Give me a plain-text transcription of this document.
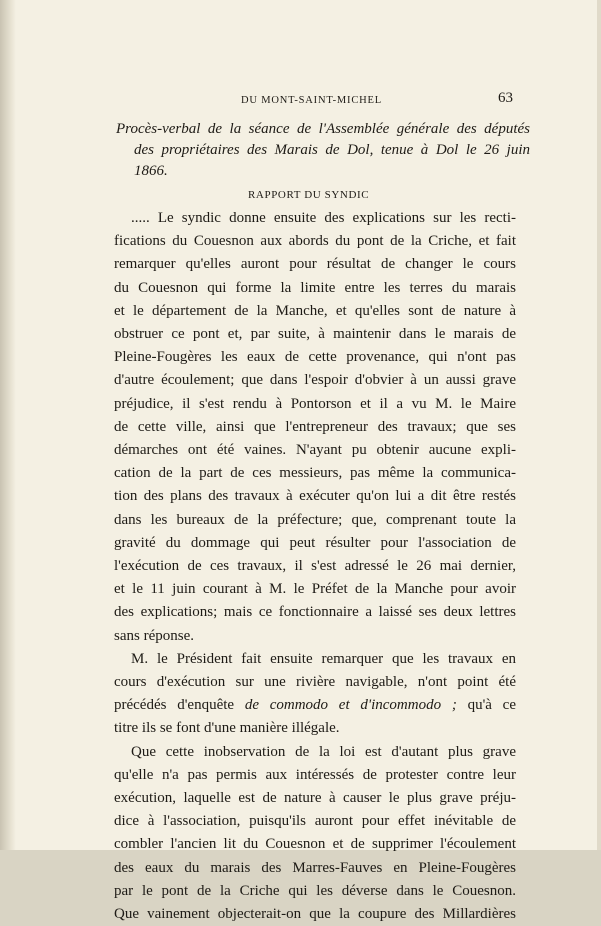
DU MONT-SAINT-MICHEL	63
Procès-verbal de la séance de l'Assemblée générale des députés
des propriétaires des Marais de Dol, tenue à Dol le 26 juin
1866.
RAPPORT DU SYNDIC
..... Le syndic donne ensuite des explications sur les recti-
fications du Couesnon aux abords du pont de la Criche, et fait
remarquer qu'elles auront pour résultat de changer le cours
du Couesnon qui forme la limite entre les terres du marais
et le département de la Manche, et qu'elles sont de nature à
obstruer ce pont et, par suite, à maintenir dans le marais de
Pleine-Fougères les eaux de cette provenance, qui n'ont pas
d'autre écoulement; que dans l'espoir d'obvier à un aussi grave
préjudice, il s'est rendu à Pontorson et il a vu M. le Maire
de cette ville, ainsi que l'entrepreneur des travaux; que ses
démarches ont été vaines. N'ayant pu obtenir aucune expli-
cation de la part de ces messieurs, pas même la communica-
tion des plans des travaux à exécuter qu'on lui a dit être restés
dans les bureaux de la préfecture; que, comprenant toute la
gravité du dommage qui peut résulter pour l'association de
l'exécution de ces travaux, il s'est adressé le 26 mai dernier,
et le 11 juin courant à M. le Préfet de la Manche pour avoir
des explications; mais ce fonctionnaire a laissé ses deux lettres
sans réponse.
M. le Président fait ensuite remarquer que les travaux en
cours d'exécution sur une rivière navigable, n'ont point été
précédés d'enquête de commodo et d'incommodo ; qu'à ce
titre ils se font d'une manière illégale.
Que cette inobservation de la loi est d'autant plus grave
qu'elle n'a pas permis aux intéressés de protester contre leur
exécution, laquelle est de nature à causer le plus grave préju-
dice à l'association, puisqu'ils auront pour effet inévitable de
combler l'ancien lit du Couesnon et de supprimer l'écoulement
des eaux du marais des Marres-Fauves en Pleine-Fougères
par le pont de la Criche qui les déverse dans le Couesnon.
Que vainement objecterait-on que la coupure des Millardières
